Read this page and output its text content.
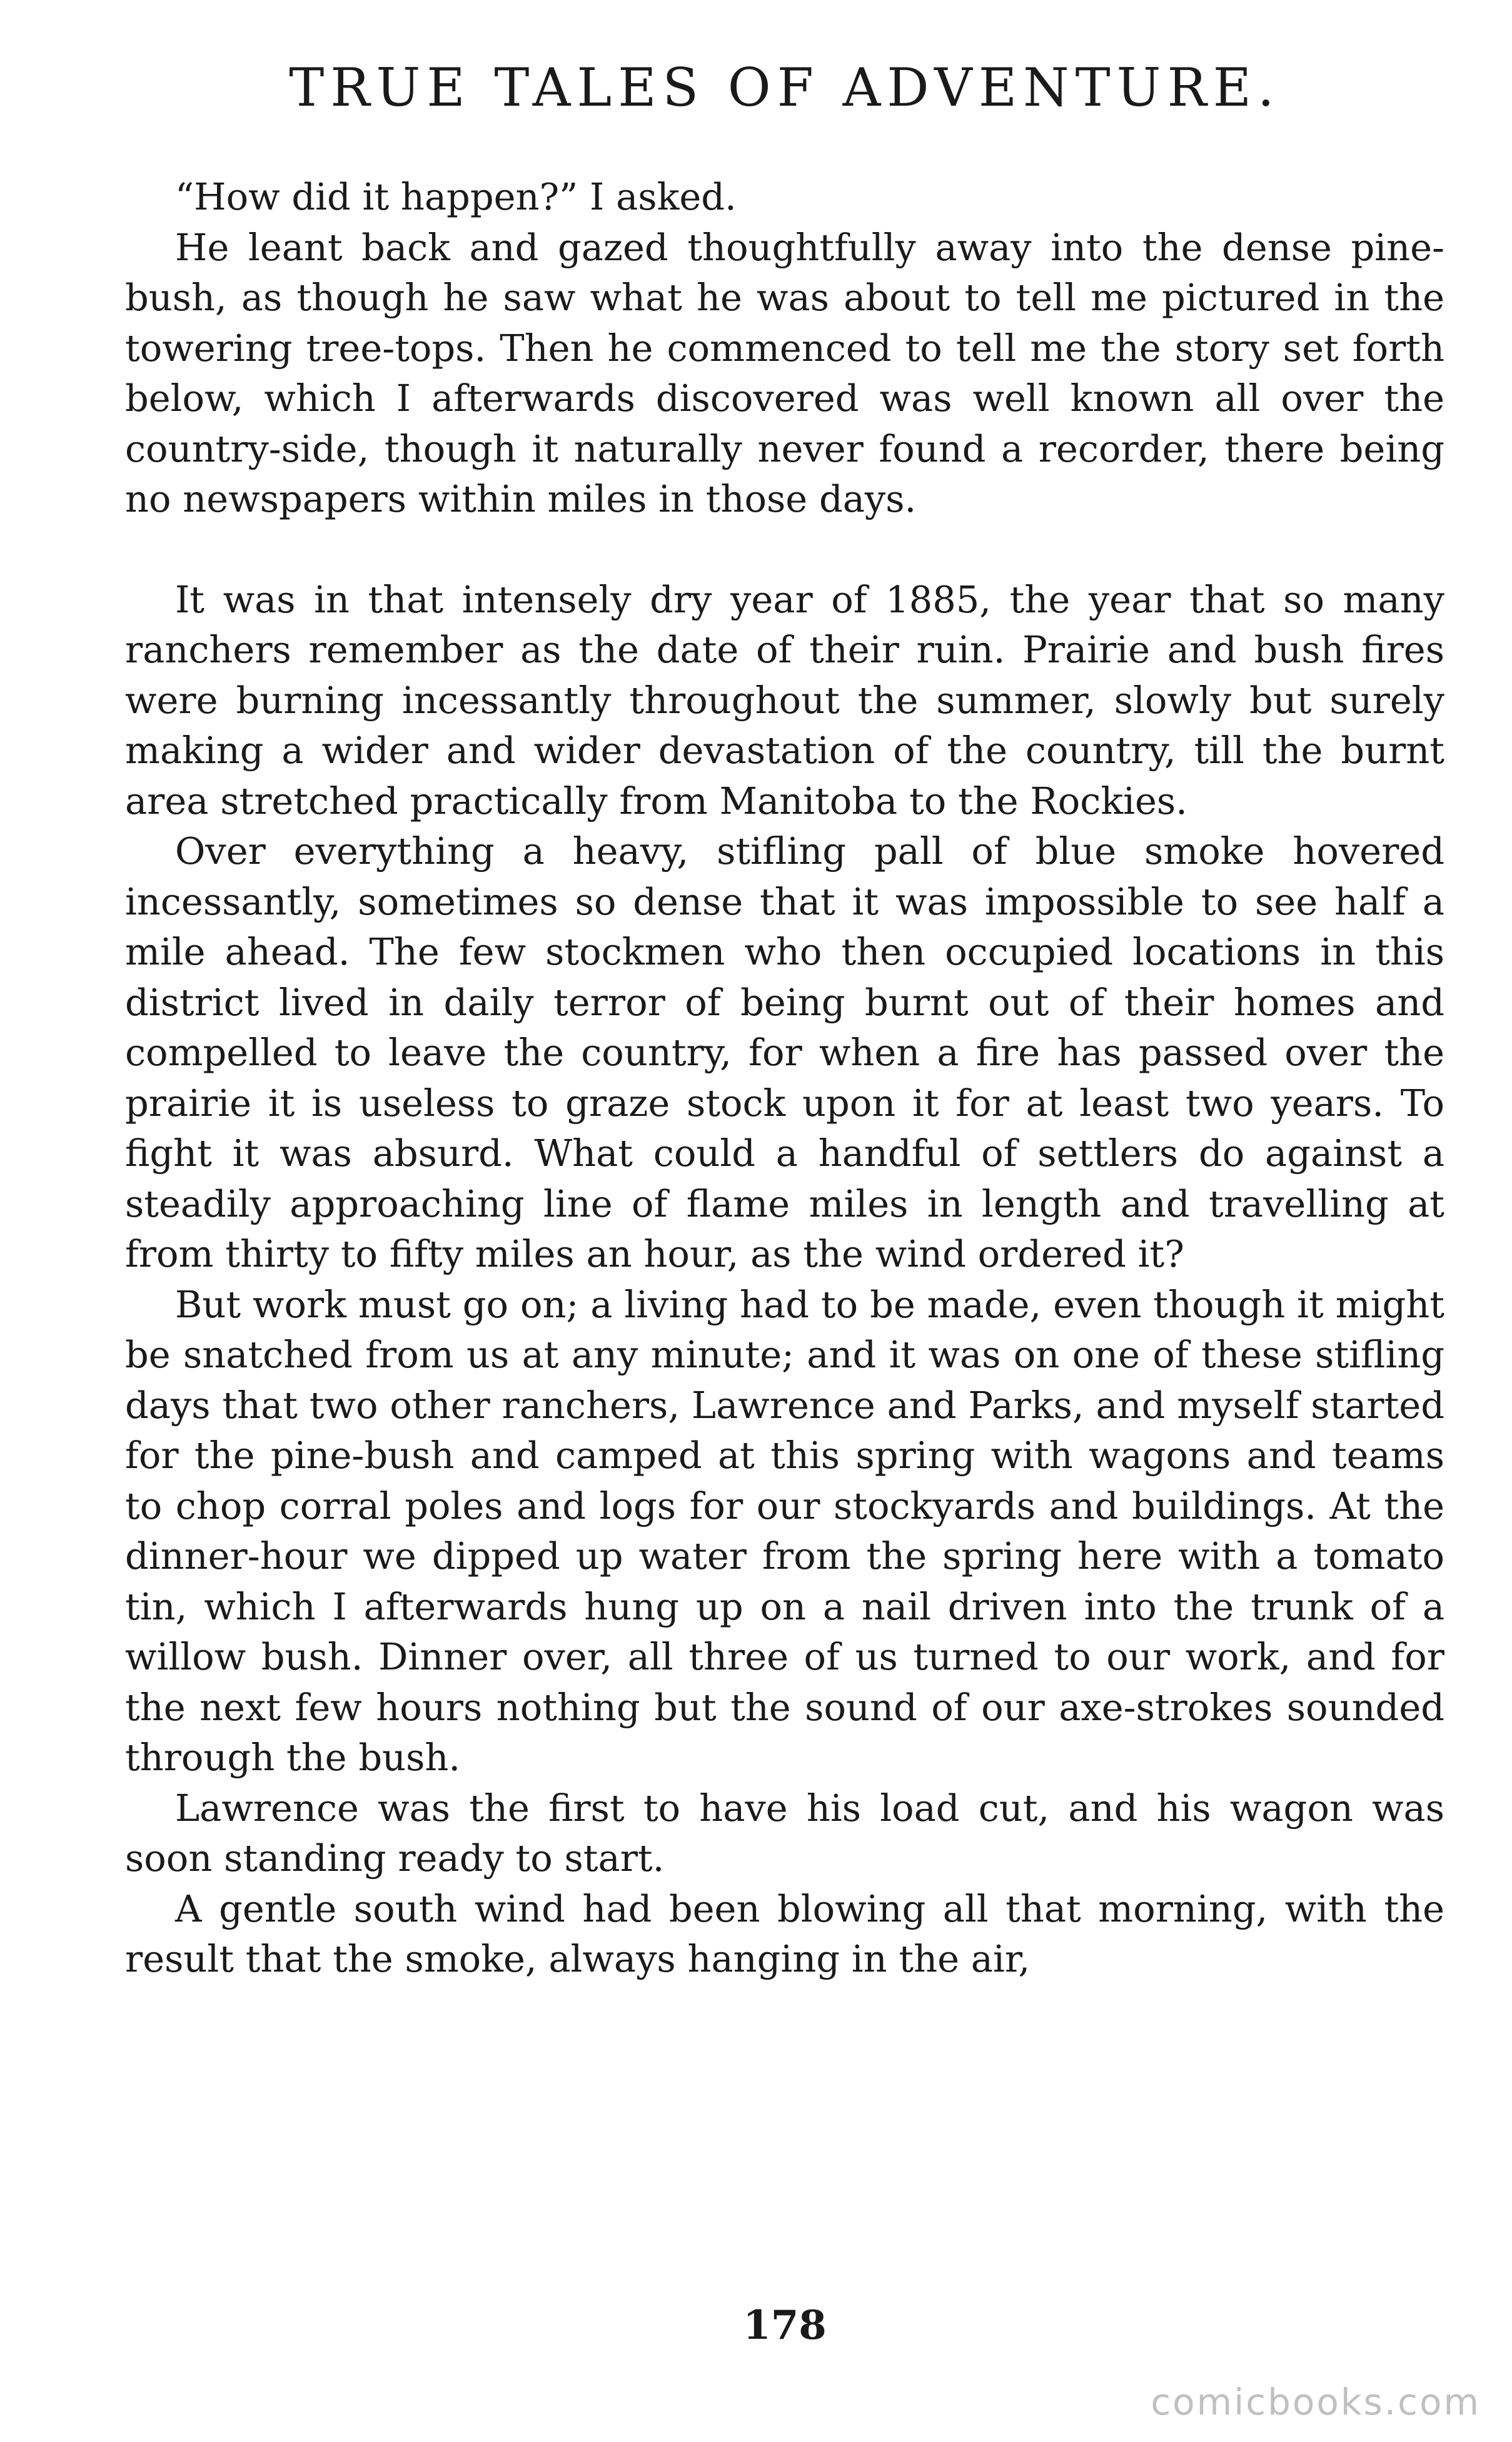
TRUE TALES OF ADVENTURE.

“How did it happen?” I asked.

He leant back and gazed thoughtfully away into the dense pine-bush, as though he saw what he was about to tell me pictured in the towering tree-tops. Then he commenced to tell me the story set forth below, which I afterwards discovered was well known all over the country-side, though it naturally never found a recorder, there being no newspapers within miles in those days.

It was in that intensely dry year of 1885, the year that so many ranchers remember as the date of their ruin. Prairie and bush fires were burning incessantly throughout the summer, slowly but surely making a wider and wider devastation of the country, till the burnt area stretched practically from Manitoba to the Rockies.

Over everything a heavy, stifling pall of blue smoke hovered incessantly, sometimes so dense that it was impossible to see half a mile ahead. The few stockmen who then occupied locations in this district lived in daily terror of being burnt out of their homes and compelled to leave the country, for when a fire has passed over the prairie it is useless to graze stock upon it for at least two years. To fight it was absurd. What could a handful of settlers do against a steadily approaching line of flame miles in length and travelling at from thirty to fifty miles an hour, as the wind ordered it?

But work must go on; a living had to be made, even though it might be snatched from us at any minute; and it was on one of these stifling days that two other ranchers, Lawrence and Parks, and myself started for the pine-bush and camped at this spring with wagons and teams to chop corral poles and logs for our stockyards and buildings. At the dinner-hour we dipped up water from the spring here with a tomato tin, which I afterwards hung up on a nail driven into the trunk of a willow bush. Dinner over, all three of us turned to our work, and for the next few hours nothing but the sound of our axe-strokes sounded through the bush.

Lawrence was the first to have his load cut, and his wagon was soon standing ready to start.

A gentle south wind had been blowing all that morning, with the result that the smoke, always hanging in the air,

178
comicbooks.com
